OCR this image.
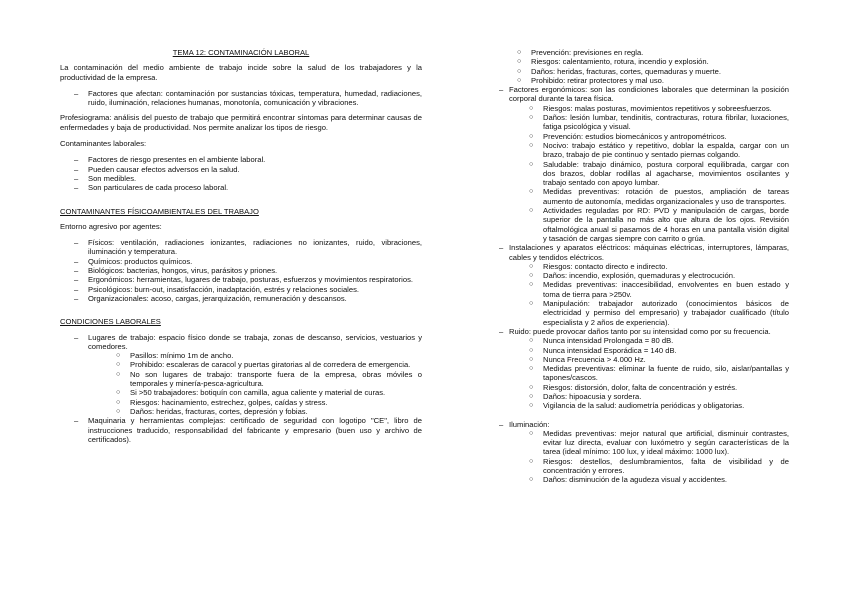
TEMA 12: CONTAMINACIÓN LABORAL

La contaminación del medio ambiente de trabajo incide sobre la salud de los trabajadores y la productividad de la empresa.

– Factores que afectan: contaminación por sustancias tóxicas, temperatura, humedad, radiaciones, ruido, iluminación, relaciones humanas, monotonía, comunicación y vibraciones.

Profesiograma: análisis del puesto de trabajo que permitirá encontrar síntomas para determinar causas de enfermedades y baja de productividad. Nos permite analizar los tipos de riesgo.

Contaminantes laborales:

– Factores de riesgo presentes en el ambiente laboral.
– Pueden causar efectos adversos en la salud.
– Son medibles.
– Son particulares de cada proceso laboral.

CONTAMINANTES FÍSICOAMBIENTALES DEL TRABAJO

Entorno agresivo por agentes:

– Físicos: ventilación, radiaciones ionizantes, radiaciones no ionizantes, ruido, vibraciones, iluminación y temperatura.
– Químicos: productos químicos.
– Biológicos: bacterias, hongos, virus, parásitos y priones.
– Ergonómicos: herramientas, lugares de trabajo, posturas, esfuerzos y movimientos respiratorios.
– Psicológicos: burn-out, insatisfacción, inadaptación, estrés y relaciones sociales.
– Organizacionales: acoso, cargas, jerarquización, remuneración y descansos.

CONDICIONES LABORALES

– Lugares de trabajo: espacio físico donde se trabaja, zonas de descanso, servicios, vestuarios y comedores.
○ Pasillos: mínimo 1m de ancho.
○ Prohibido: escaleras de caracol y puertas giratorias al de corredera de emergencia.
○ No son lugares de trabajo: transporte fuera de la empresa, obras móviles o temporales y minería-pesca-agricultura.
○ Si >50 trabajadores: botiquín con camilla, agua caliente y material de curas.
○ Riesgos: hacinamiento, estrechez, golpes, caídas y stress.
○ Daños: heridas, fracturas, cortes, depresión y fobias.
– Maquinaria y herramientas complejas: certificado de seguridad con logotipo "CE", libro de instrucciones traducido, responsabilidad del fabricante y empresario (buen uso y archivo de certificados).
○ Prevención: previsiones en regla.
○ Riesgos: calentamiento, rotura, incendio y explosión.
○ Daños: heridas, fracturas, cortes, quemaduras y muerte.
○ Prohibido: retirar protectores y mal uso.
– Factores ergonómicos: son las condiciones laborales que determinan la posición corporal durante la tarea física.
○ Riesgos: malas posturas, movimientos repetitivos y sobreesfuerzos.
○ Daños: lesión lumbar, tendinitis, contracturas, rotura fibrilar, luxaciones, fatiga psicológica y visual.
○ Prevención: estudios biomecánicos y antropométricos.
○ Nocivo: trabajo estático y repetitivo, doblar la espalda, cargar con un brazo, trabajo de pie continuo y sentado piernas colgando.
○ Saludable: trabajo dinámico, postura corporal equilibrada, cargar con dos brazos, doblar rodillas al agacharse, movimientos oscilantes y trabajo sentado con apoyo lumbar.
○ Medidas preventivas: rotación de puestos, ampliación de tareas aumento de autonomía, medidas organizacionales y uso de transportes.
○ Actividades reguladas por RD: PVD y manipulación de cargas, borde superior de la pantalla no más alto que altura de los ojos. Revisión oftalmológica anual si pasamos de 4 horas en una pantalla visión digital y tasación de cargas siempre con carrito o grúa.
– Instalaciones y aparatos eléctricos: máquinas eléctricas, interruptores, lámparas, cables y tendidos eléctricos.
○ Riesgos: contacto directo e indirecto.
○ Daños: incendio, explosión, quemaduras y electrocución.
○ Medidas preventivas: inaccesibilidad, envolventes en buen estado y toma de tierra para >250v.
○ Manipulación: trabajador autorizado (conocimientos básicos de electricidad y permiso del empresario) y trabajador cualificado (título especialista y 2 años de experiencia).
– Ruido: puede provocar daños tanto por su intensidad como por su frecuencia.
○ Nunca intensidad Prolongada = 80 dB.
○ Nunca intensidad Esporádica = 140 dB.
○ Nunca Frecuencia > 4.000 Hz.
○ Medidas preventivas: eliminar la fuente de ruido, silo, aislar/pantallas y tapones/cascos.
○ Riesgos: distorsión, dolor, falta de concentración y estrés.
○ Daños: hipoacusia y sordera.
○ Vigilancia de la salud: audiometría periódicas y obligatorias.
– Iluminación:
○ Medidas preventivas: mejor natural que artificial, disminuir contrastes, evitar luz directa, evaluar con luxómetro y según características de la tarea (ideal mínimo: 100 lux, y ideal máximo: 1000 lux).
○ Riesgos: destellos, deslumbramientos, falta de visibilidad y de concentración y errores.
○ Daños: disminución de la agudeza visual y accidentes.
